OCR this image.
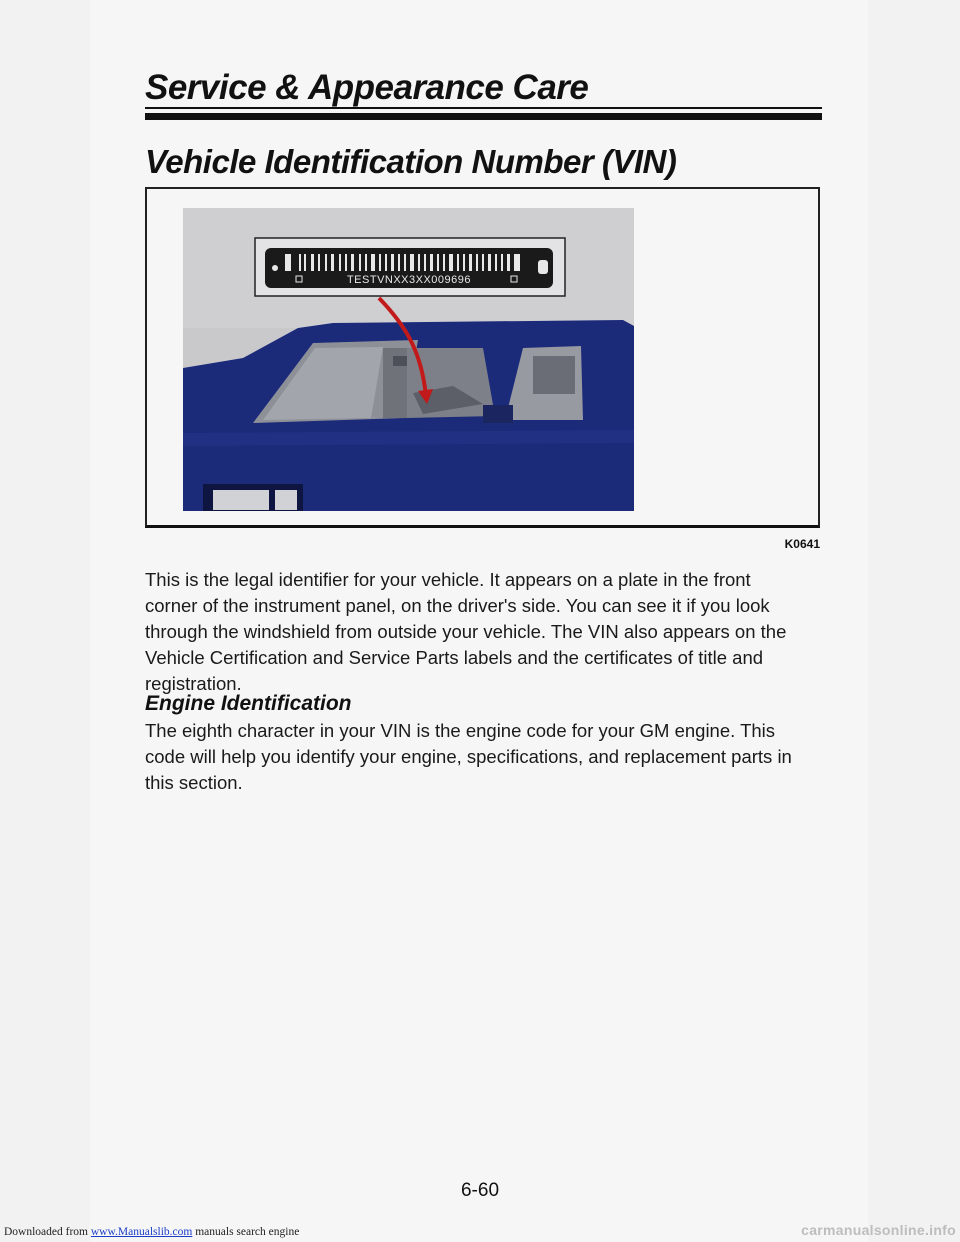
Service & Appearance Care
Vehicle Identification Number (VIN)
TESTVNXX3XX009696
K0641

This is the legal identifier for your vehicle. It appears on a plate in the front corner of the instrument panel, on the driver's side. You can see it if you look through the windshield from outside your vehicle. The VIN also appears on the Vehicle Certification and Service Parts labels and the certificates of title and registration.

Engine Identification

The eighth character in your VIN is the engine code for your GM engine. This code will help you identify your engine, specifications, and replacement parts in this section.

6-60
Downloaded from www.Manualslib.com manuals search engine	carmanualsonline.info
